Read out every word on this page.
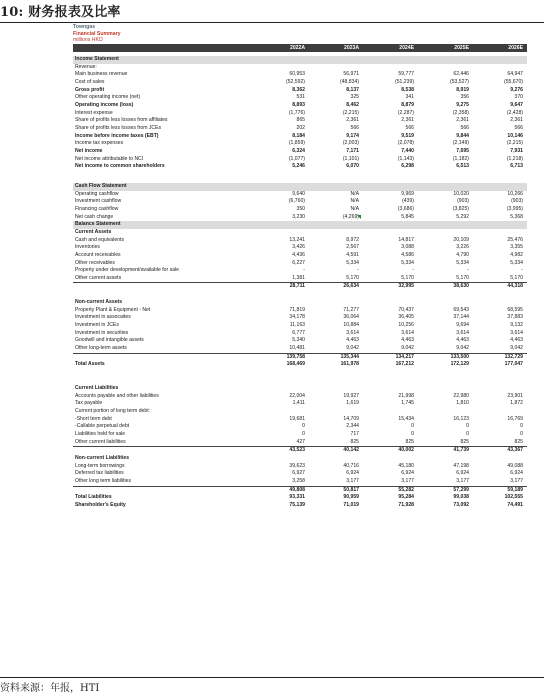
10: 财务报表及比率
Towngas
Financial Summary
millions HKD
	2022A	2023A	2024E	2025E	2026E

Income Statement					
Revenue:					
Main business revenue	60,953	56,971	59,777	62,446	64,947
Cost of sales	(52,592)	(48,834)	(51,239)	(53,527)	(55,670)
Gross profit	8,362	8,137	8,538	8,919	9,276
Other operating income (net)	531	325	341	356	370
Operating income (loss)	8,893	8,462	8,879	9,275	9,647
Interest expense	(1,776)	(2,215)	(2,287)	(2,358)	(2,428)
Share of profits less losses from affiliates	865	2,361	2,361	2,361	2,361
Share of profits less losses from JCEs	202	566	566	566	566
Income before income taxes (EBT)	8,184	9,174	9,519	9,844	10,146
Income tax expenses	(1,859)	(2,003)	(2,078)	(2,149)	(2,215)
Net income	6,324	7,171	7,440	7,695	7,931
Net income attributable to NCI	(1,077)	(1,101)	(1,143)	(1,182)	(1,218)
Net income to common shareholders	5,246	6,070	6,298	6,513	6,713

Cash Flow Statement					
Operating cashflow	9,640	N/A	9,969	10,020	10,266
Investment cashflow	(6,760)	N/A	(439)	(903)	(903)
Financing cashflow	350	N/A	(3,686)	(3,825)	(3,995)
Net cash change	3,230	(4,269)	5,845	5,292	5,368
Balance Statement					
Current Assets					
Cash and equivalents	13,241	8,972	14,817	20,109	25,476
Inventories	3,426	2,567	3,088	3,226	3,355
Account receivables	4,436	4,591	4,586	4,790	4,982
Other receivables	6,227	5,334	5,334	5,334	5,334
Property under development/available for sale	-	-	-	-	-
Other current assets	1,381	5,170	5,170	5,170	5,170
	28,711	26,634	32,995	38,630	44,318

Non-current Assets					
Property Plant & Equipment - Net	71,819	71,277	70,437	69,543	68,595
Investment in assocaites	34,178	36,064	36,405	37,144	37,883
Investment in JCEs	11,163	10,884	10,256	9,694	9,132
Investment in securities	6,777	3,614	3,614	3,614	3,614
Goodwill and intangible assets	5,340	4,463	4,463	4,463	4,463
Other long-term assets	10,481	9,042	9,042	9,042	9,042
	139,758	135,344	134,217	133,500	132,729
Total Assets	168,469	161,978	167,212	172,129	177,047

Current Liabilities					
Accounts payable and other liabilities	22,004	19,927	21,998	22,980	23,901
Tax payable	1,411	1,619	1,745	1,810	1,872
Current portion of long term debt:					
-Short term debt	19,681	14,709	15,434	16,123	16,769
-Callable perpetual debt	0	2,344	0	0	0
Liabilities held for sale	0	717	0	0	0
Other current liabilities	427	825	825	825	825
	43,523	40,142	40,002	41,739	43,367
Non-current Liabilities					
Long-term borrowings	39,623	40,716	45,180	47,198	49,088
Deferred tax liabilities	6,927	6,924	6,924	6,924	6,924
Other long term liabilities	3,258	3,177	3,177	3,177	3,177
	49,808	50,817	55,282	57,299	59,189
Total Liabilities	93,331	90,959	95,284	99,038	102,555
Shareholder's Equity	75,139	71,019	71,928	73,092	74,491
资料来源：年报，HTI
